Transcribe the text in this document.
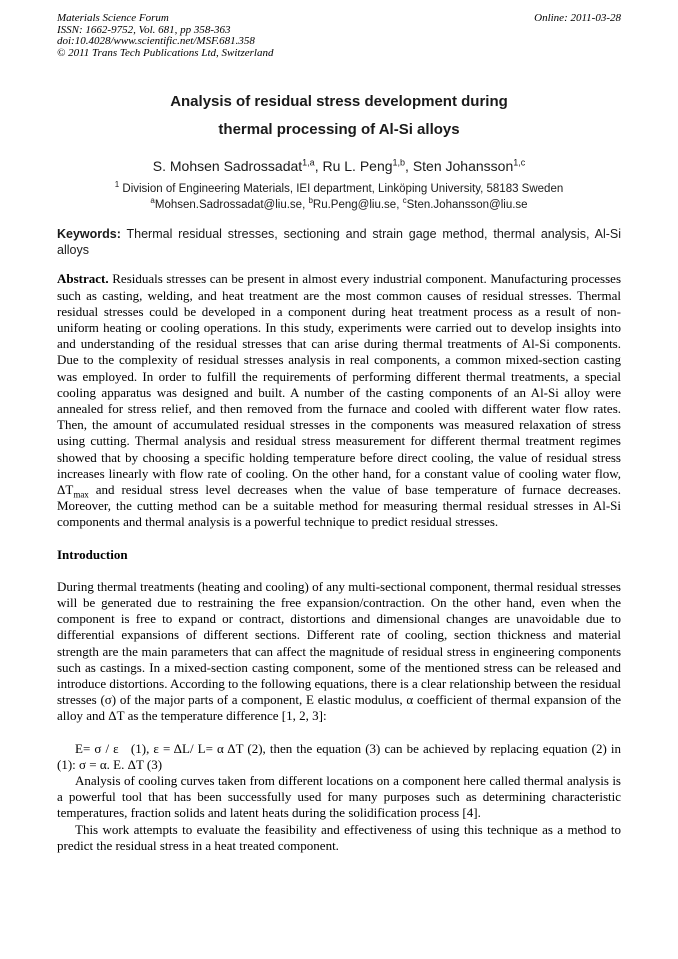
Materials Science Forum
ISSN: 1662-9752, Vol. 681, pp 358-363
doi:10.4028/www.scientific.net/MSF.681.358
© 2011 Trans Tech Publications Ltd, Switzerland
Online: 2011-03-28
Analysis of residual stress development during
thermal processing of Al-Si alloys
S. Mohsen Sadrossadat$^{1,a}$, Ru L. Peng$^{1,b}$, Sten Johansson$^{1,c}$
$^1$ Division of Engineering Materials, IEI department, Linköping University, 58183 Sweden
$^a$Mohsen.Sadrossadat@liu.se, $^b$Ru.Peng@liu.se, $^c$Sten.Johansson@liu.se
Keywords: Thermal residual stresses, sectioning and strain gage method, thermal analysis, Al-Si alloys

Abstract. Residuals stresses can be present in almost every industrial component. Manufacturing processes such as casting, welding, and heat treatment are the most common causes of residual stresses. Thermal residual stresses could be developed in a component during heat treatment process as a result of non-uniform heating or cooling operations. In this study, experiments were carried out to develop insights into and understanding of the residual stresses that can arise during thermal treatments of Al-Si components. Due to the complexity of residual stresses analysis in real components, a common mixed-section casting was employed. In order to fulfill the requirements of performing different thermal treatments, a special cooling apparatus was designed and built. A number of the casting components of an Al-Si alloy were annealed for stress relief, and then removed from the furnace and cooled with different water flow rates. Then, the amount of accumulated residual stresses in the components was measured relaxation of stress using cutting. Thermal analysis and residual stress measurement for different thermal treatment regimes showed that by choosing a specific holding temperature before direct cooling, the value of residual stress increases linearly with flow rate of cooling. On the other hand, for a constant value of cooling water flow, $\Delta T_{max}$ and residual stress level decreases when the value of base temperature of furnace decreases. Moreover, the cutting method can be a suitable method for measuring thermal residual stresses in Al-Si components and thermal analysis is a powerful technique to predict residual stresses.

Introduction

During thermal treatments (heating and cooling) of any multi-sectional component, thermal residual stresses will be generated due to restraining the free expansion/contraction. On the other hand, even when the component is free to expand or contract, distortions and dimensional changes are unavoidable due to differential expansions of different sections. Different rate of cooling, section thickness and material strength are the main parameters that can affect the magnitude of residual stress in engineering components such as castings. In a mixed-section casting component, some of the mentioned stress can be released and introduce distortions. According to the following equations, there is a clear relationship between the residual stresses (σ) of the major parts of a component, E elastic modulus, α coefficient of thermal expansion of the alloy and ΔT as the temperature difference [1, 2, 3]:

E= σ / ε   (1), ε = ΔL/ L= α ΔT (2), then the equation (3) can be achieved by replacing equation (2) in (1): σ = α. E. ΔT (3)

Analysis of cooling curves taken from different locations on a component here called thermal analysis is a powerful tool that has been successfully used for many purposes such as determining characteristic temperatures, fraction solids and latent heats during the solidification process [4].

This work attempts to evaluate the feasibility and effectiveness of using this technique as a method to predict the residual stress in a heat treated component.
